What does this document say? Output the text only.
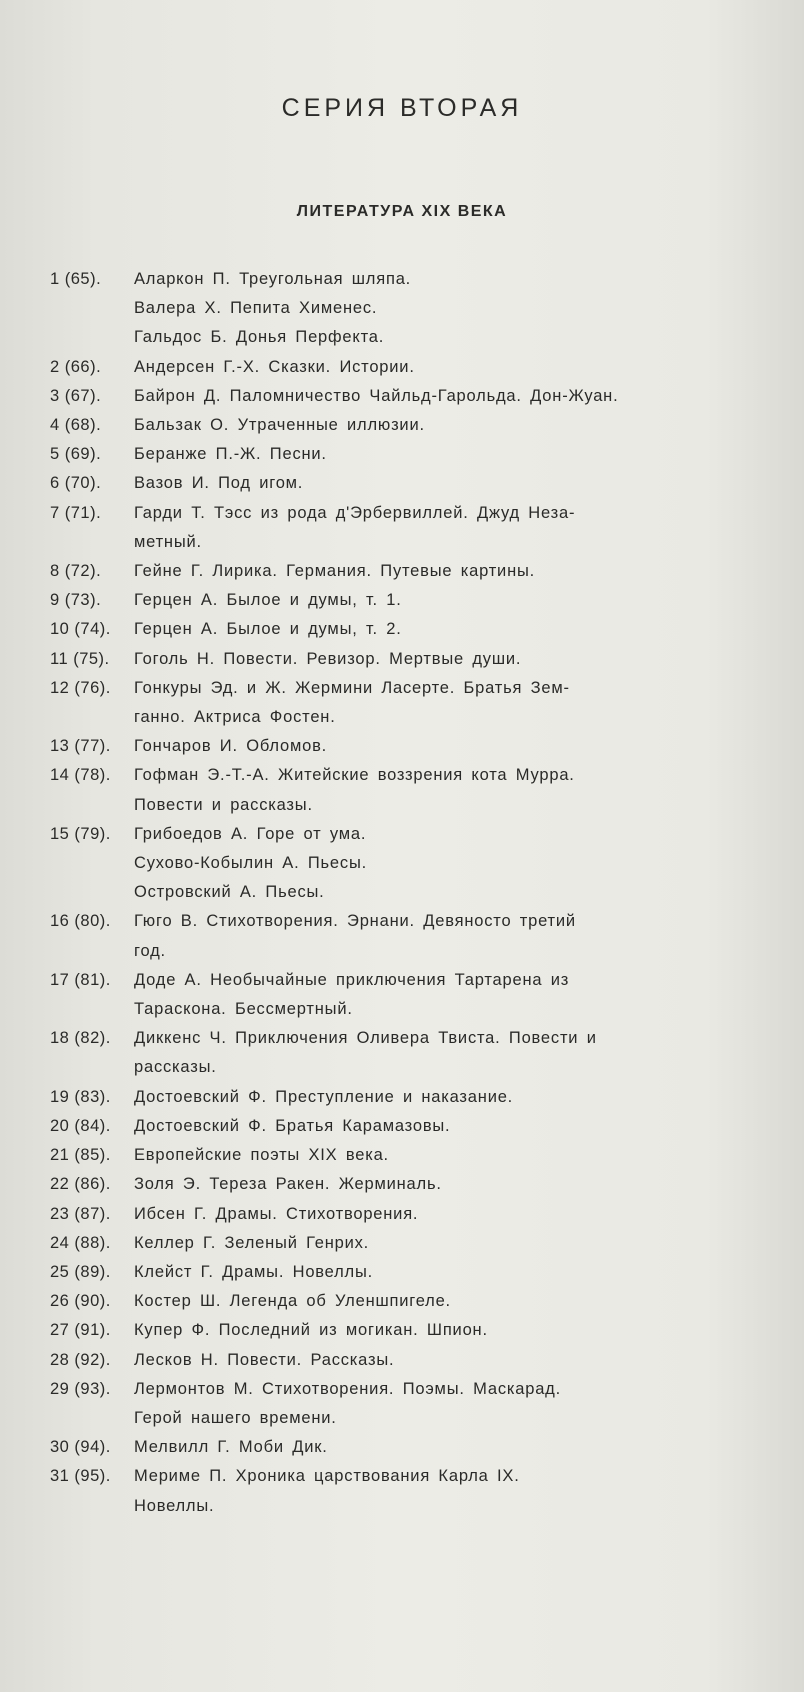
СЕРИЯ ВТОРАЯ
ЛИТЕРАТУРА XIX ВЕКА
1 (65).	Аларкон П. Треугольная шляпа.
Валера Х. Пепита Хименес.
Гальдос Б. Донья Перфекта.
2 (66).	Андерсен Г.-Х. Сказки. Истории.
3 (67).	Байрон Д. Паломничество Чайльд-Гарольда. Дон-Жуан.
4 (68).	Бальзак О. Утраченные иллюзии.
5 (69).	Беранже П.-Ж. Песни.
6 (70).	Вазов И. Под игом.
7 (71).	Гарди Т. Тэсс из рода д'Эрбервиллей. Джуд Неза-
метный.
8 (72).	Гейне Г. Лирика. Германия. Путевые картины.
9 (73).	Герцен А. Былое и думы, т. 1.
10 (74).	Герцен А. Былое и думы, т. 2.
11 (75).	Гоголь Н. Повести. Ревизор. Мертвые души.
12 (76).	Гонкуры Эд. и Ж. Жермини Ласерте. Братья Зем-
ганно. Актриса Фостен.
13 (77).	Гончаров И. Обломов.
14 (78).	Гофман Э.-Т.-А. Житейские воззрения кота Мурра.
Повести и рассказы.
15 (79).	Грибоедов А. Горе от ума.
Сухово-Кобылин А. Пьесы.
Островский А. Пьесы.
16 (80).	Гюго В. Стихотворения. Эрнани. Девяносто третий
год.
17 (81).	Доде А. Необычайные приключения Тартарена из
Тараскона. Бессмертный.
18 (82).	Диккенс Ч. Приключения Оливера Твиста. Повести и
рассказы.
19 (83).	Достоевский Ф. Преступление и наказание.
20 (84).	Достоевский Ф. Братья Карамазовы.
21 (85).	Европейские поэты XIX века.
22 (86).	Золя Э. Тереза Ракен. Жерминаль.
23 (87).	Ибсен Г. Драмы. Стихотворения.
24 (88).	Келлер Г. Зеленый Генрих.
25 (89).	Клейст Г. Драмы. Новеллы.
26 (90).	Костер Ш. Легенда об Уленшпигеле.
27 (91).	Купер Ф. Последний из могикан. Шпион.
28 (92).	Лесков Н. Повести. Рассказы.
29 (93).	Лермонтов М. Стихотворения. Поэмы. Маскарад.
Герой нашего времени.
30 (94).	Мелвилл Г. Моби Дик.
31 (95).	Мериме П. Хроника царствования Карла IX.
Новеллы.
